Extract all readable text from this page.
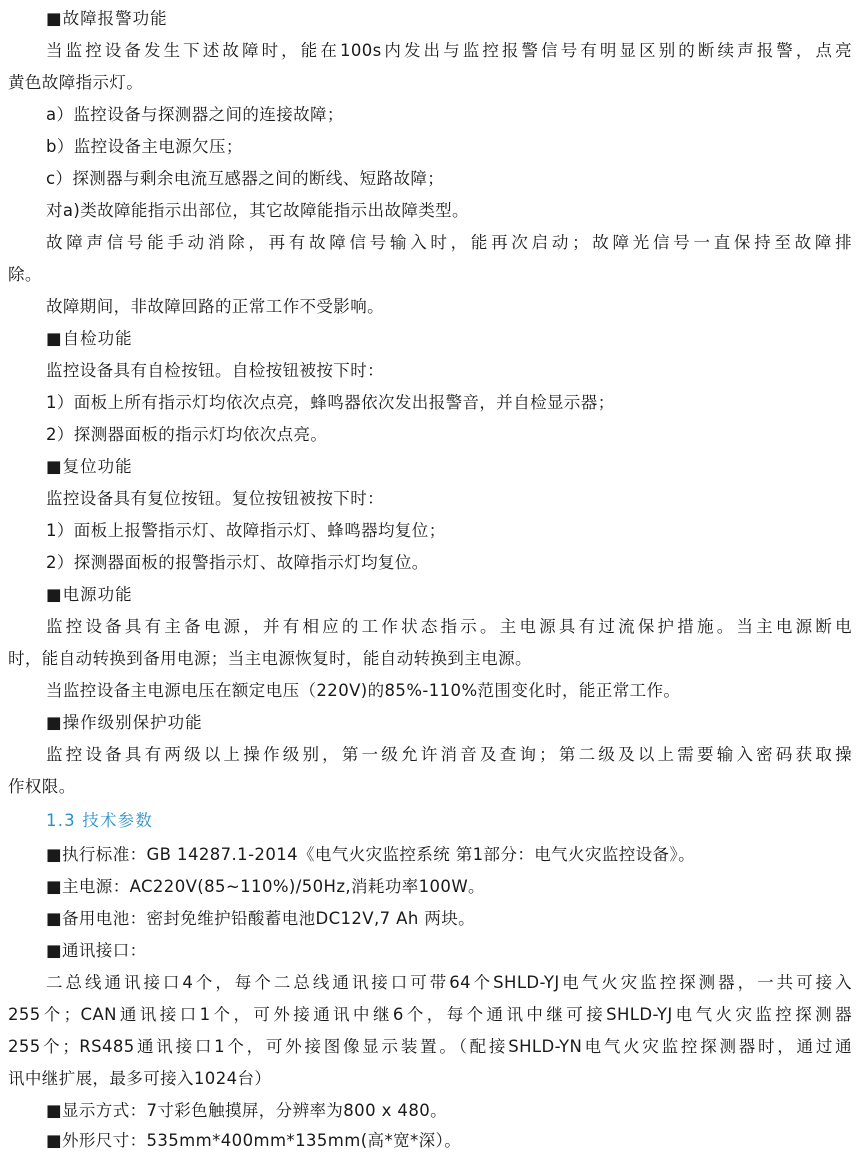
■故障报警功能
当监控设备发生下述故障时，能在100s内发出与监控报警信号有明显区别的断续声报警，点亮
黄色故障指示灯。
a）监控设备与探测器之间的连接故障；
b）监控设备主电源欠压；
c）探测器与剩余电流互感器之间的断线、短路故障；
对a)类故障能指示出部位，其它故障能指示出故障类型。
故障声信号能手动消除，再有故障信号输入时，能再次启动；故障光信号一直保持至故障排
除。
故障期间，非故障回路的正常工作不受影响。
■自检功能
监控设备具有自检按钮。自检按钮被按下时：
1）面板上所有指示灯均依次点亮，蜂鸣器依次发出报警音，并自检显示器；
2）探测器面板的指示灯均依次点亮。
■复位功能
监控设备具有复位按钮。复位按钮被按下时：
1）面板上报警指示灯、故障指示灯、蜂鸣器均复位；
2）探测器面板的报警指示灯、故障指示灯均复位。
■电源功能
监控设备具有主备电源，并有相应的工作状态指示。主电源具有过流保护措施。当主电源断电
时，能自动转换到备用电源；当主电源恢复时，能自动转换到主电源。
当监控设备主电源电压在额定电压（220V)的85%-110%范围变化时，能正常工作。
■操作级别保护功能
监控设备具有两级以上操作级别，第一级允许消音及查询；第二级及以上需要输入密码获取操
作权限。
1.3 技术参数
■执行标准：GB 14287.1-2014《电气火灾监控系统 第1部分：电气火灾监控设备》。
■主电源：AC220V(85~110%)/50Hz,消耗功率100W。
■备用电池：密封免维护铅酸蓄电池DC12V,7 Ah 两块。
■通讯接口：
二总线通讯接口4个，每个二总线通讯接口可带64个SHLD-YJ电气火灾监控探测器，一共可接入
255个；CAN通讯接口1个，可外接通讯中继6个，每个通讯中继可接SHLD-YJ电气火灾监控探测器
255个；RS485通讯接口1个，可外接图像显示装置。（配接SHLD-YN电气火灾监控探测器时，通过通
讯中继扩展，最多可接入1024台）
■显示方式：7寸彩色触摸屏，分辨率为800 x 480。
■外形尺寸：535mm*400mm*135mm(高*宽*深）。
